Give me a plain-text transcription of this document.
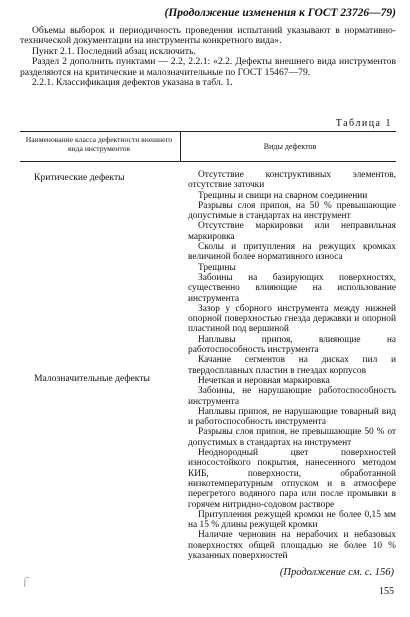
(Продолжение изменения к ГОСТ 23726—79)

Объемы выборок и периодичность проведения испытаний указывают в нормативно-технической документации на инструменты конкретного вида».

Пункт 2.1. Последний абзац исключить.

Раздел 2 дополнить пунктами — 2.2, 2.2.1: «2.2. Дефекты внешнего вида инструментов разделяются на критические и малозначительные по ГОСТ 15467—79.

2.2.1. Классификация дефектов указана в табл. 1.

Таблица 1
Наименование класса дефектности внешнего вида инструментов	Виды дефектов
Критические дефекты
Малозначительные дефекты

Отсутствие конструктивных элементов, отсутствие заточки

Трещины и свищи на сварном соединении

Разрывы слоя припоя, на 50 % превышающие допустимые в стандартах на инструмент

Отсутствие маркировки или неправильная маркировка

Сколы и притупления на режущих кромках величиной более нормативного износа

Трещины

Забоины на базирующих поверхностях, существенно влияющие на использование инструмента

Зазор у сборного инструмента между нижней опорной поверхностью гнезда державки и опорной пластиной под вершиной

Наплывы припоя, влияющие на работоспособность инструмента

Качание сегментов на дисках пил и твердосплавных пластин в гнездах корпусов

Нечеткая и неровная маркировка

Забоины, не нарушающие работоспособность инструмента

Наплывы припоя, не нарушающие товарный вид и работоспособность инструмента

Разрывы слоя припоя, не превышающие 50 % от допустимых в стандартах на инструмент

Неоднородный цвет поверхностей износостойкого покрытия, нанесенного методом КИБ, поверхности, обработанной низкотемпературным отпуском и в атмосфере перегретого водяного пара или после промывки в горячем нитридно-содовом растворе

Притупления режущей кромки не более 0,15 мм на 15 % длины режущей кромки

Наличие черновин на нерабочих и небазовых поверхностях общей площадью не более 10 % указанных поверхностей

|‾
(Продолжение см. с. 156)
155
